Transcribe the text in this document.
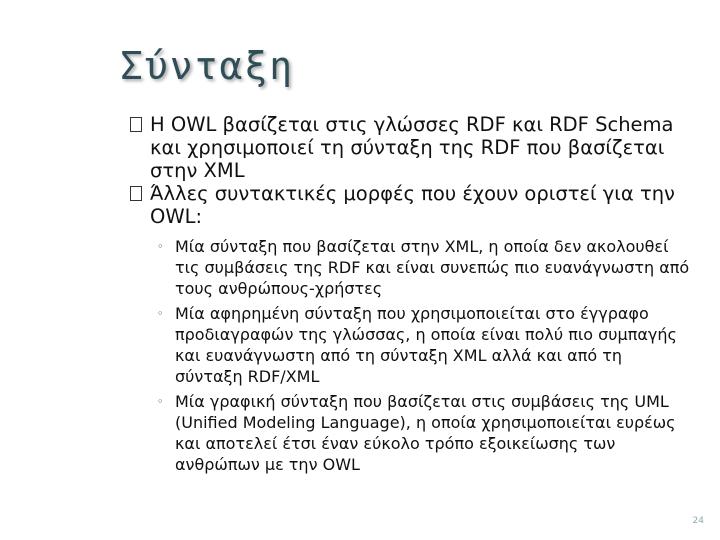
Σύνταξη
H OWL βασίζεται στις γλώσσες RDF και RDF Schema και χρησιμοποιεί τη σύνταξη της RDF που βασίζεται στην XML
Άλλες συντακτικές μορφές που έχουν οριστεί για την OWL:
◦ Μία σύνταξη που βασίζεται στην XML, η οποία δεν ακολουθεί τις συμβάσεις της RDF και είναι συνεπώς πιο ευανάγνωστη από τους ανθρώπους-χρήστες
◦ Μία αφηρημένη σύνταξη που χρησιμοποιείται στο έγγραφο προδιαγραφών της γλώσσας, η οποία είναι πολύ πιο συμπαγής και ευανάγνωστη από τη σύνταξη XML αλλά και από τη σύνταξη RDF/XML
◦ Μία γραφική σύνταξη που βασίζεται στις συμβάσεις της UML (Unified Modeling Language), η οποία χρησιμοποιείται ευρέως και αποτελεί έτσι έναν εύκολο τρόπο εξοικείωσης των ανθρώπων με την OWL
24
